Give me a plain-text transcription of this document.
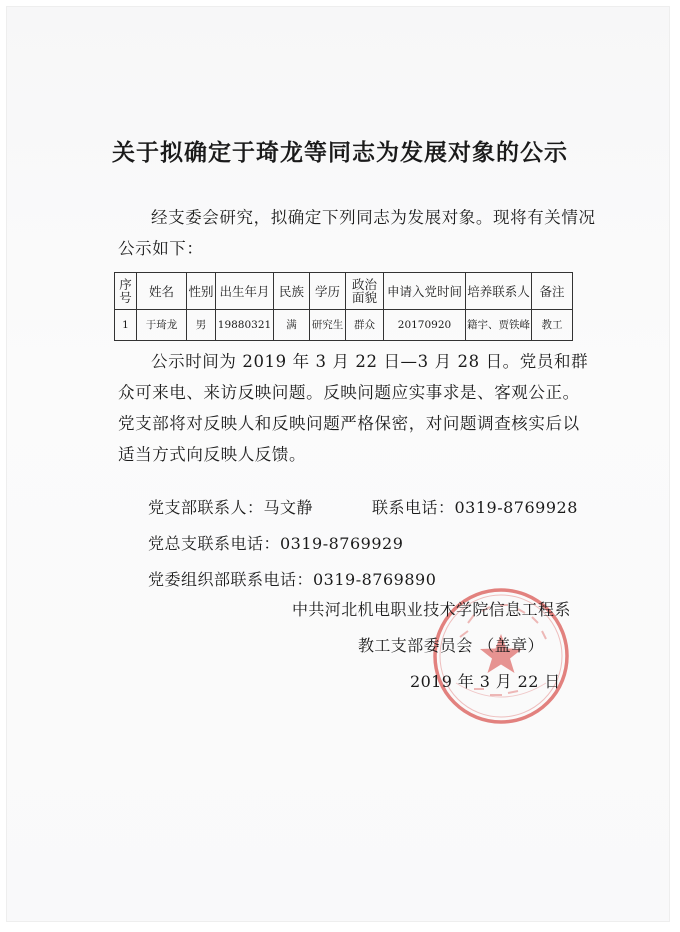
关于拟确定于琦龙等同志为发展对象的公示
经支委会研究，拟确定下列同志为发展对象。现将有关情况公示如下：
序号	姓名	性别	出生年月	民族	学历	政治面貌	申请入党时间	培养联系人	备注
1	于琦龙	男	19880321	满	研究生	群众	20170920	籍宇、贾铁峰	教工
公示时间为 2019 年 3 月 22 日—3 月 28 日。党员和群众可来电、来访反映问题。反映问题应实事求是、客观公正。党支部将对反映人和反映问题严格保密，对问题调查核实后以适当方式向反映人反馈。
党支部联系人：马文静	联系电话：0319-8769928
党总支联系电话：0319-8769929
党委组织部联系电话：0319-8769890
中共河北机电职业技术学院信息工程系
教工支部委员会 （盖章）
2019 年 3 月 22 日
